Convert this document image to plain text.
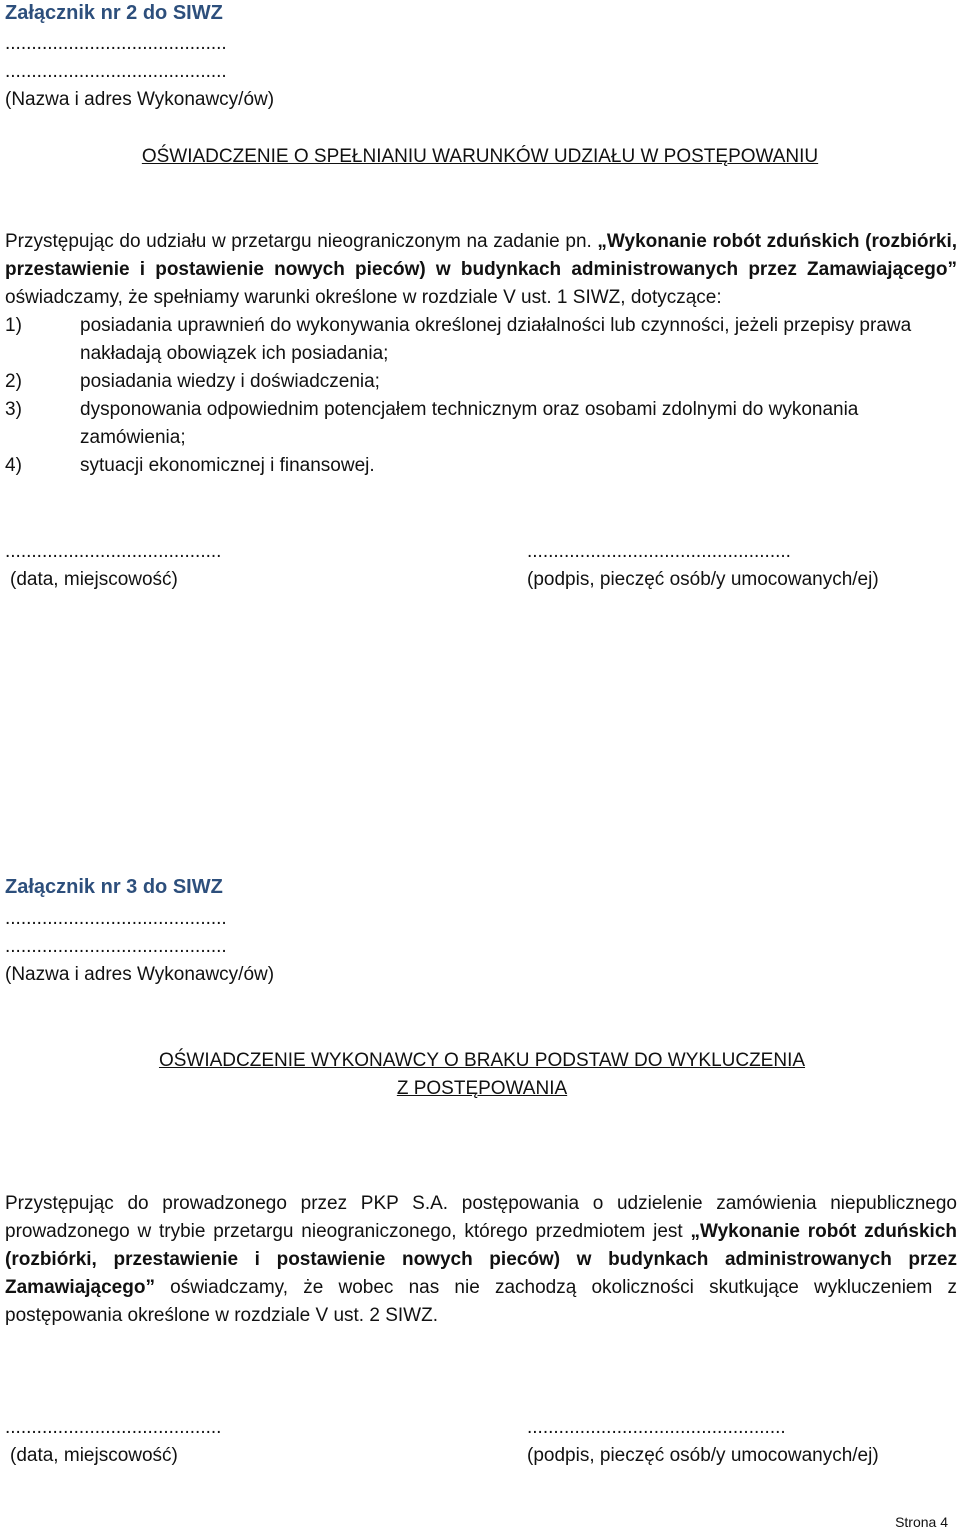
Załącznik nr 2 do SIWZ
..........................................
..........................................
(Nazwa i adres Wykonawcy/ów)
OŚWIADCZENIE O SPEŁNIANIU WARUNKÓW UDZIAŁU W POSTĘPOWANIU
Przystępując do udziału w przetargu nieograniczonym na zadanie pn. „Wykonanie robót zduńskich (rozbiórki, przestawienie i postawienie nowych pieców) w budynkach administrowanych przez Zamawiającego” oświadczamy, że spełniamy warunki określone w rozdziale V ust. 1 SIWZ, dotyczące:
1)	posiadania uprawnień do wykonywania określonej działalności lub czynności, jeżeli przepisy prawa nakładają obowiązek ich posiadania;
2)	posiadania wiedzy i doświadczenia;
3)	dysponowania odpowiednim potencjałem technicznym oraz osobami zdolnymi do wykonania zamówienia;
4)	sytuacji ekonomicznej i finansowej.
.........................................
(data, miejscowość)
..................................................
(podpis, pieczęć osób/y umocowanych/ej)
Załącznik nr 3 do SIWZ
..........................................
..........................................
(Nazwa i adres Wykonawcy/ów)
OŚWIADCZENIE WYKONAWCY O BRAKU PODSTAW DO WYKLUCZENIA
Z POSTĘPOWANIA
Przystępując do prowadzonego przez PKP S.A. postępowania o udzielenie zamówienia niepublicznego prowadzonego w trybie przetargu nieograniczonego, którego przedmiotem jest „Wykonanie robót zduńskich (rozbiórki, przestawienie i postawienie nowych pieców) w budynkach administrowanych przez Zamawiającego” oświadczamy, że wobec nas nie zachodzą okoliczności skutkujące wykluczeniem z postępowania określone w rozdziale V ust. 2 SIWZ.
.........................................
(data, miejscowość)
.................................................
(podpis, pieczęć osób/y umocowanych/ej)
Strona 4
